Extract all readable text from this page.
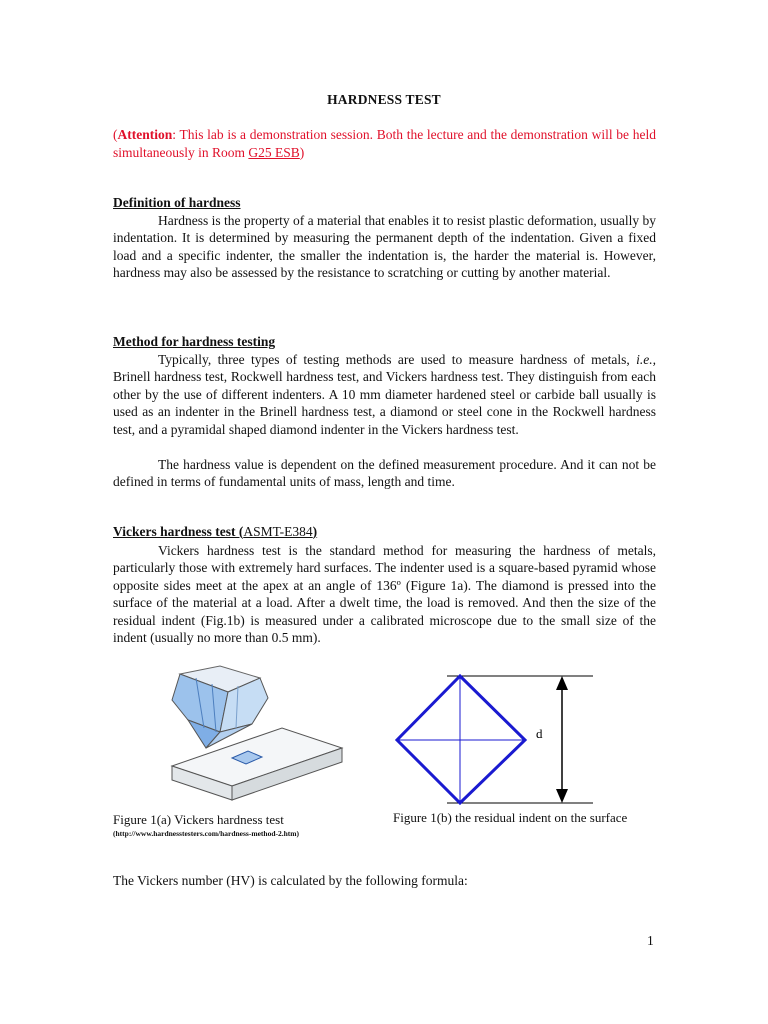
HARDNESS TEST
(Attention: This lab is a demonstration session. Both the lecture and the demonstration will be held simultaneously in Room G25 ESB)
Definition of hardness
Hardness is the property of a material that enables it to resist plastic deformation, usually by indentation. It is determined by measuring the permanent depth of the indentation. Given a fixed load and a specific indenter, the smaller the indentation is, the harder the material is. However, hardness may also be assessed by the resistance to scratching or cutting by another material.
Method for hardness testing
Typically, three types of testing methods are used to measure hardness of metals, i.e., Brinell hardness test, Rockwell hardness test, and Vickers hardness test. They distinguish from each other by the use of different indenters. A 10 mm diameter hardened steel or carbide ball usually is used as an indenter in the Brinell hardness test, a diamond or steel cone in the Rockwell hardness test, and a pyramidal shaped diamond indenter in the Vickers hardness test.
The hardness value is dependent on the defined measurement procedure. And it can not be defined in terms of fundamental units of mass, length and time.
Vickers hardness test (ASMT-E384)
Vickers hardness test is the standard method for measuring the hardness of metals, particularly those with extremely hard surfaces. The indenter used is a square-based pyramid whose opposite sides meet at the apex at an angle of 136º (Figure 1a). The diamond is pressed into the surface of the material at a load. After a dwelt time, the load is removed. And then the size of the residual indent (Fig.1b) is measured under a calibrated microscope due to the small size of the indent (usually no more than 0.5 mm).
d
Figure 1(a) Vickers hardness test
(http://www.hardnesstesters.com/hardness-method-2.htm)
Figure 1(b) the residual indent on the surface
The Vickers number (HV) is calculated by the following formula:
1
